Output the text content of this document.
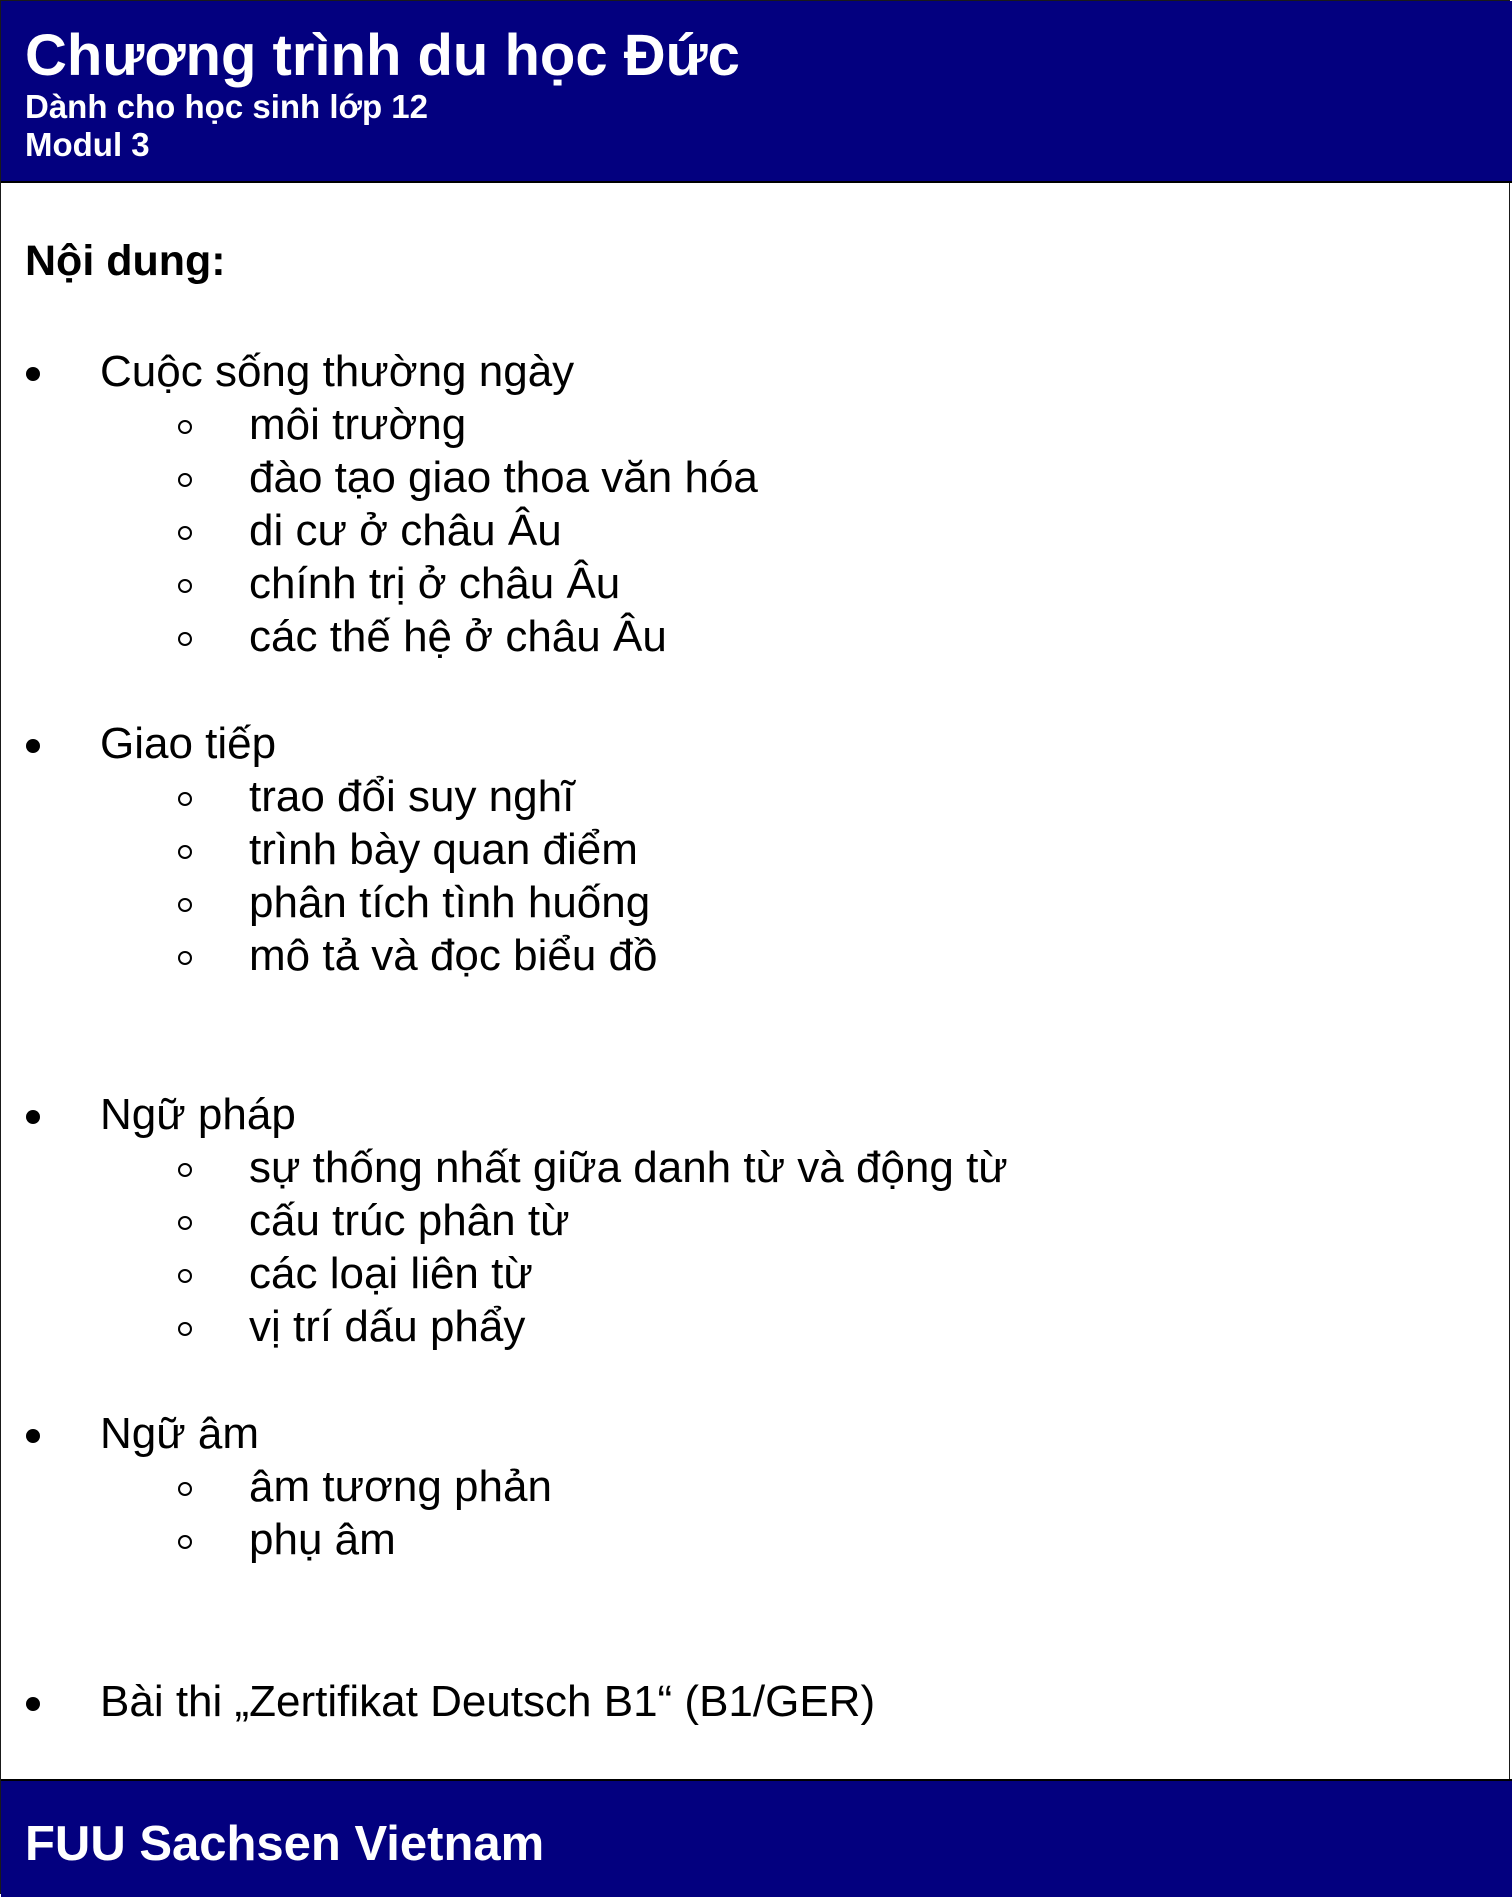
Chương trình du học Đức
Dành cho học sinh lớp 12
Modul 3
Nội dung:
Cuộc sống thường ngày
môi trường
đào tạo giao thoa văn hóa
di cư ở châu Âu
chính trị ở châu Âu
các thế hệ ở châu Âu
Giao tiếp
trao đổi suy nghĩ
trình bày quan điểm
phân tích tình huống
mô tả và đọc biểu đồ
Ngữ pháp
sự thống nhất giữa danh từ và động từ
cấu trúc phân từ
các loại liên từ
vị trí dấu phẩy
Ngữ âm
âm tương phản
phụ âm
Bài thi „Zertifikat Deutsch B1“ (B1/GER)
FUU Sachsen Vietnam
